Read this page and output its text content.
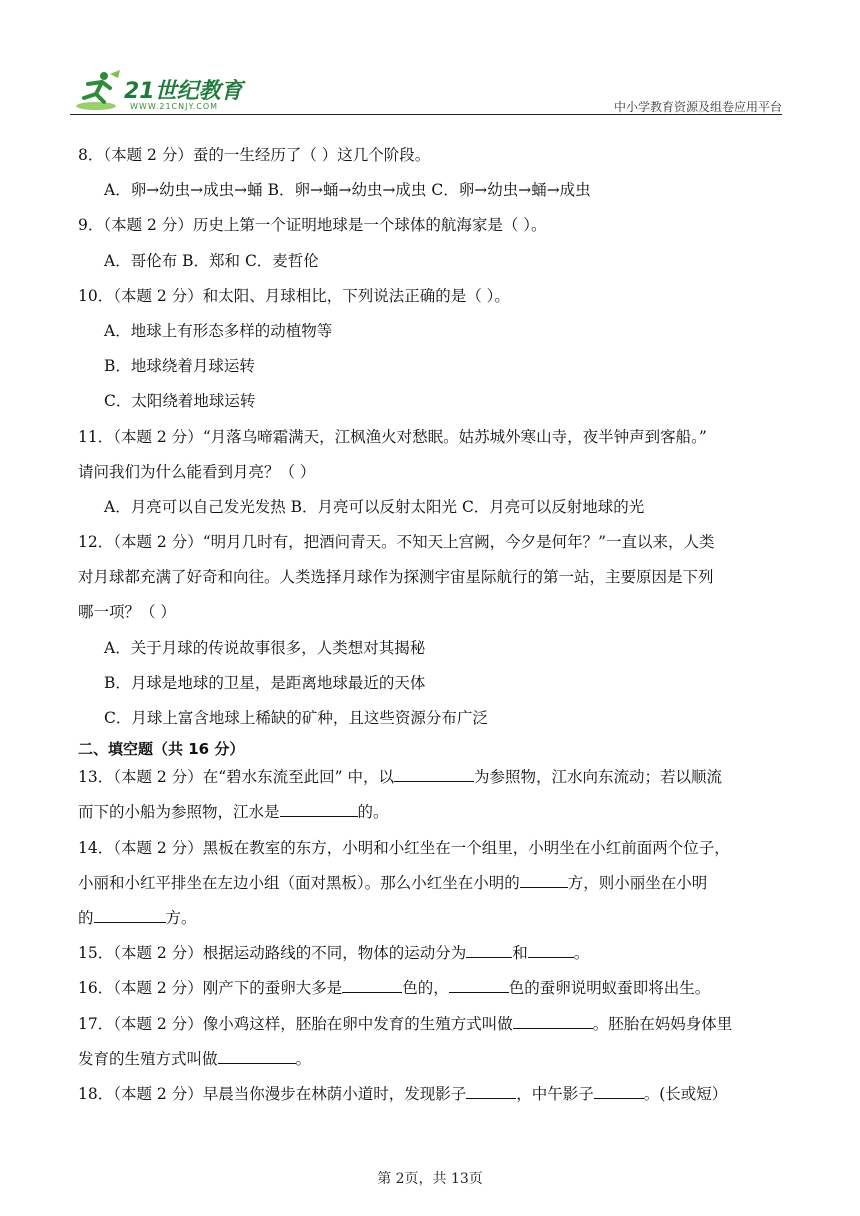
21世纪教育
WWW.21CNJY.COM	中小学教育资源及组卷应用平台
8．（本题 2 分）蚕的一生经历了（ ）这几个阶段。
A．卵→幼虫→成虫→蛹 B．卵→蛹→幼虫→成虫 C．卵→幼虫→蛹→成虫
9．（本题 2 分）历史上第一个证明地球是一个球体的航海家是（ ）。
A．哥伦布 B．郑和 C．麦哲伦
10．（本题 2 分）和太阳、月球相比，下列说法正确的是（ ）。
A．地球上有形态多样的动植物等
B．地球绕着月球运转
C．太阳绕着地球运转
11．（本题 2 分）“月落乌啼霜满天，江枫渔火对愁眠。姑苏城外寒山寺，夜半钟声到客船。”
请问我们为什么能看到月亮？（ ）
A．月亮可以自己发光发热 B．月亮可以反射太阳光 C．月亮可以反射地球的光
12．（本题 2 分）“明月几时有，把酒问青天。不知天上宫阙，今夕是何年？”一直以来，人类
对月球都充满了好奇和向往。人类选择月球作为探测宇宙星际航行的第一站，主要原因是下列
哪一项？（ ）
A．关于月球的传说故事很多，人类想对其揭秘
B．月球是地球的卫星，是距离地球最近的天体
C．月球上富含地球上稀缺的矿种，且这些资源分布广泛
二、填空题（共 16 分）
13．（本题 2 分）在“碧水东流至此回” 中，以	为参照物，江水向东流动；若以顺流
而下的小船为参照物，江水是	的。
14．（本题 2 分）黑板在教室的东方，小明和小红坐在一个组里，小明坐在小红前面两个位子，
小丽和小红平排坐在左边小组（面对黑板）。那么小红坐在小明的	方，则小丽坐在小明
的	方。
15．（本题 2 分）根据运动路线的不同，物体的运动分为	和	。
16．（本题 2 分）刚产下的蚕卵大多是	色的，	色的蚕卵说明蚁蚕即将出生。
17．（本题 2 分）像小鸡这样，胚胎在卵中发育的生殖方式叫做	。胚胎在妈妈身体里
发育的生殖方式叫做	。
18．（本题 2 分）早晨当你漫步在林荫小道时，发现影子	，中午影子	。(长或短）
第 2页，共 13页
